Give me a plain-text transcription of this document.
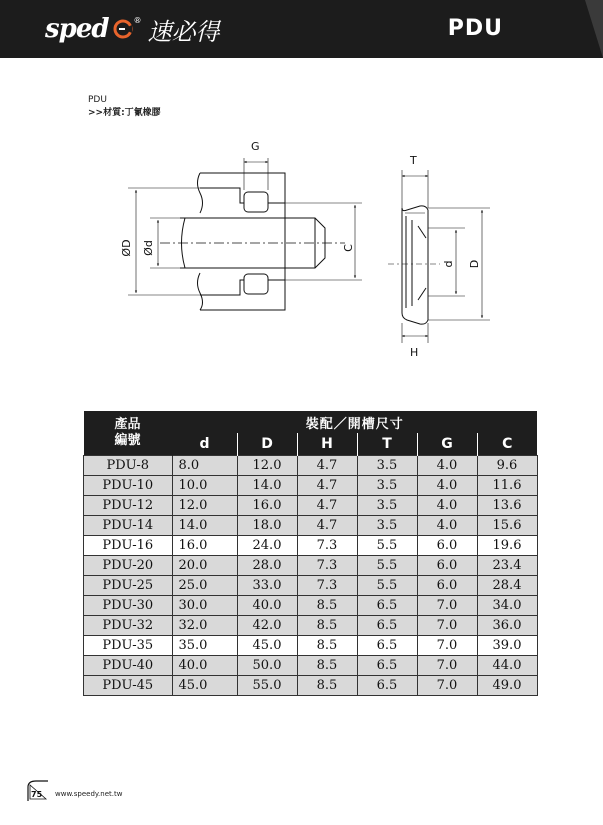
sped	® 速必得	PDU
PDU
>>材質:丁氰橡膠
G
ØD Ød	C
T
H
d D
產品
編號	裝配／開槽尺寸					
	d	D	H	T	G	C
PDU-8	8.0	12.0	4.7	3.5	4.0	9.6
PDU-10	10.0	14.0	4.7	3.5	4.0	11.6
PDU-12	12.0	16.0	4.7	3.5	4.0	13.6
PDU-14	14.0	18.0	4.7	3.5	4.0	15.6
PDU-16	16.0	24.0	7.3	5.5	6.0	19.6
PDU-20	20.0	28.0	7.3	5.5	6.0	23.4
PDU-25	25.0	33.0	7.3	5.5	6.0	28.4
PDU-30	30.0	40.0	8.5	6.5	7.0	34.0
PDU-32	32.0	42.0	8.5	6.5	7.0	36.0
PDU-35	35.0	45.0	8.5	6.5	7.0	39.0
PDU-40	40.0	50.0	8.5	6.5	7.0	44.0
PDU-45	45.0	55.0	8.5	6.5	7.0	49.0
75 www.speedy.net.tw
